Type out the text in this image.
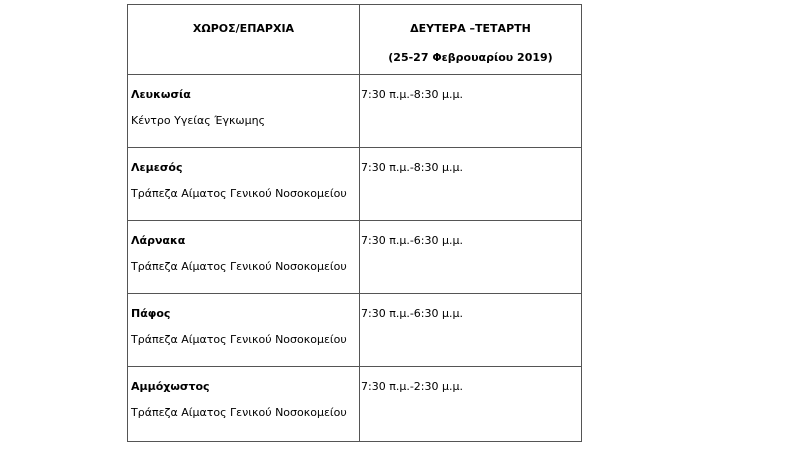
ΧΩΡΟΣ/ΕΠΑΡΧΙΑ	ΔΕΥΤΕΡΑ –ΤΕΤΑΡΤΗ
(25-27 Φεβρουαρίου 2019)

Λευκωσία
Κέντρο Υγείας Έγκωμης	7:30 π.μ.-8:30 μ.μ.

Λεμεσός
Τράπεζα Αίματος Γενικού Νοσοκομείου	7:30 π.μ.-8:30 μ.μ.

Λάρνακα
Τράπεζα Αίματος Γενικού Νοσοκομείου	7:30 π.μ.-6:30 μ.μ.

Πάφος
Τράπεζα Αίματος Γενικού Νοσοκομείου	7:30 π.μ.-6:30 μ.μ.

Αμμόχωστος
Τράπεζα Αίματος Γενικού Νοσοκομείου	7:30 π.μ.-2:30 μ.μ.
